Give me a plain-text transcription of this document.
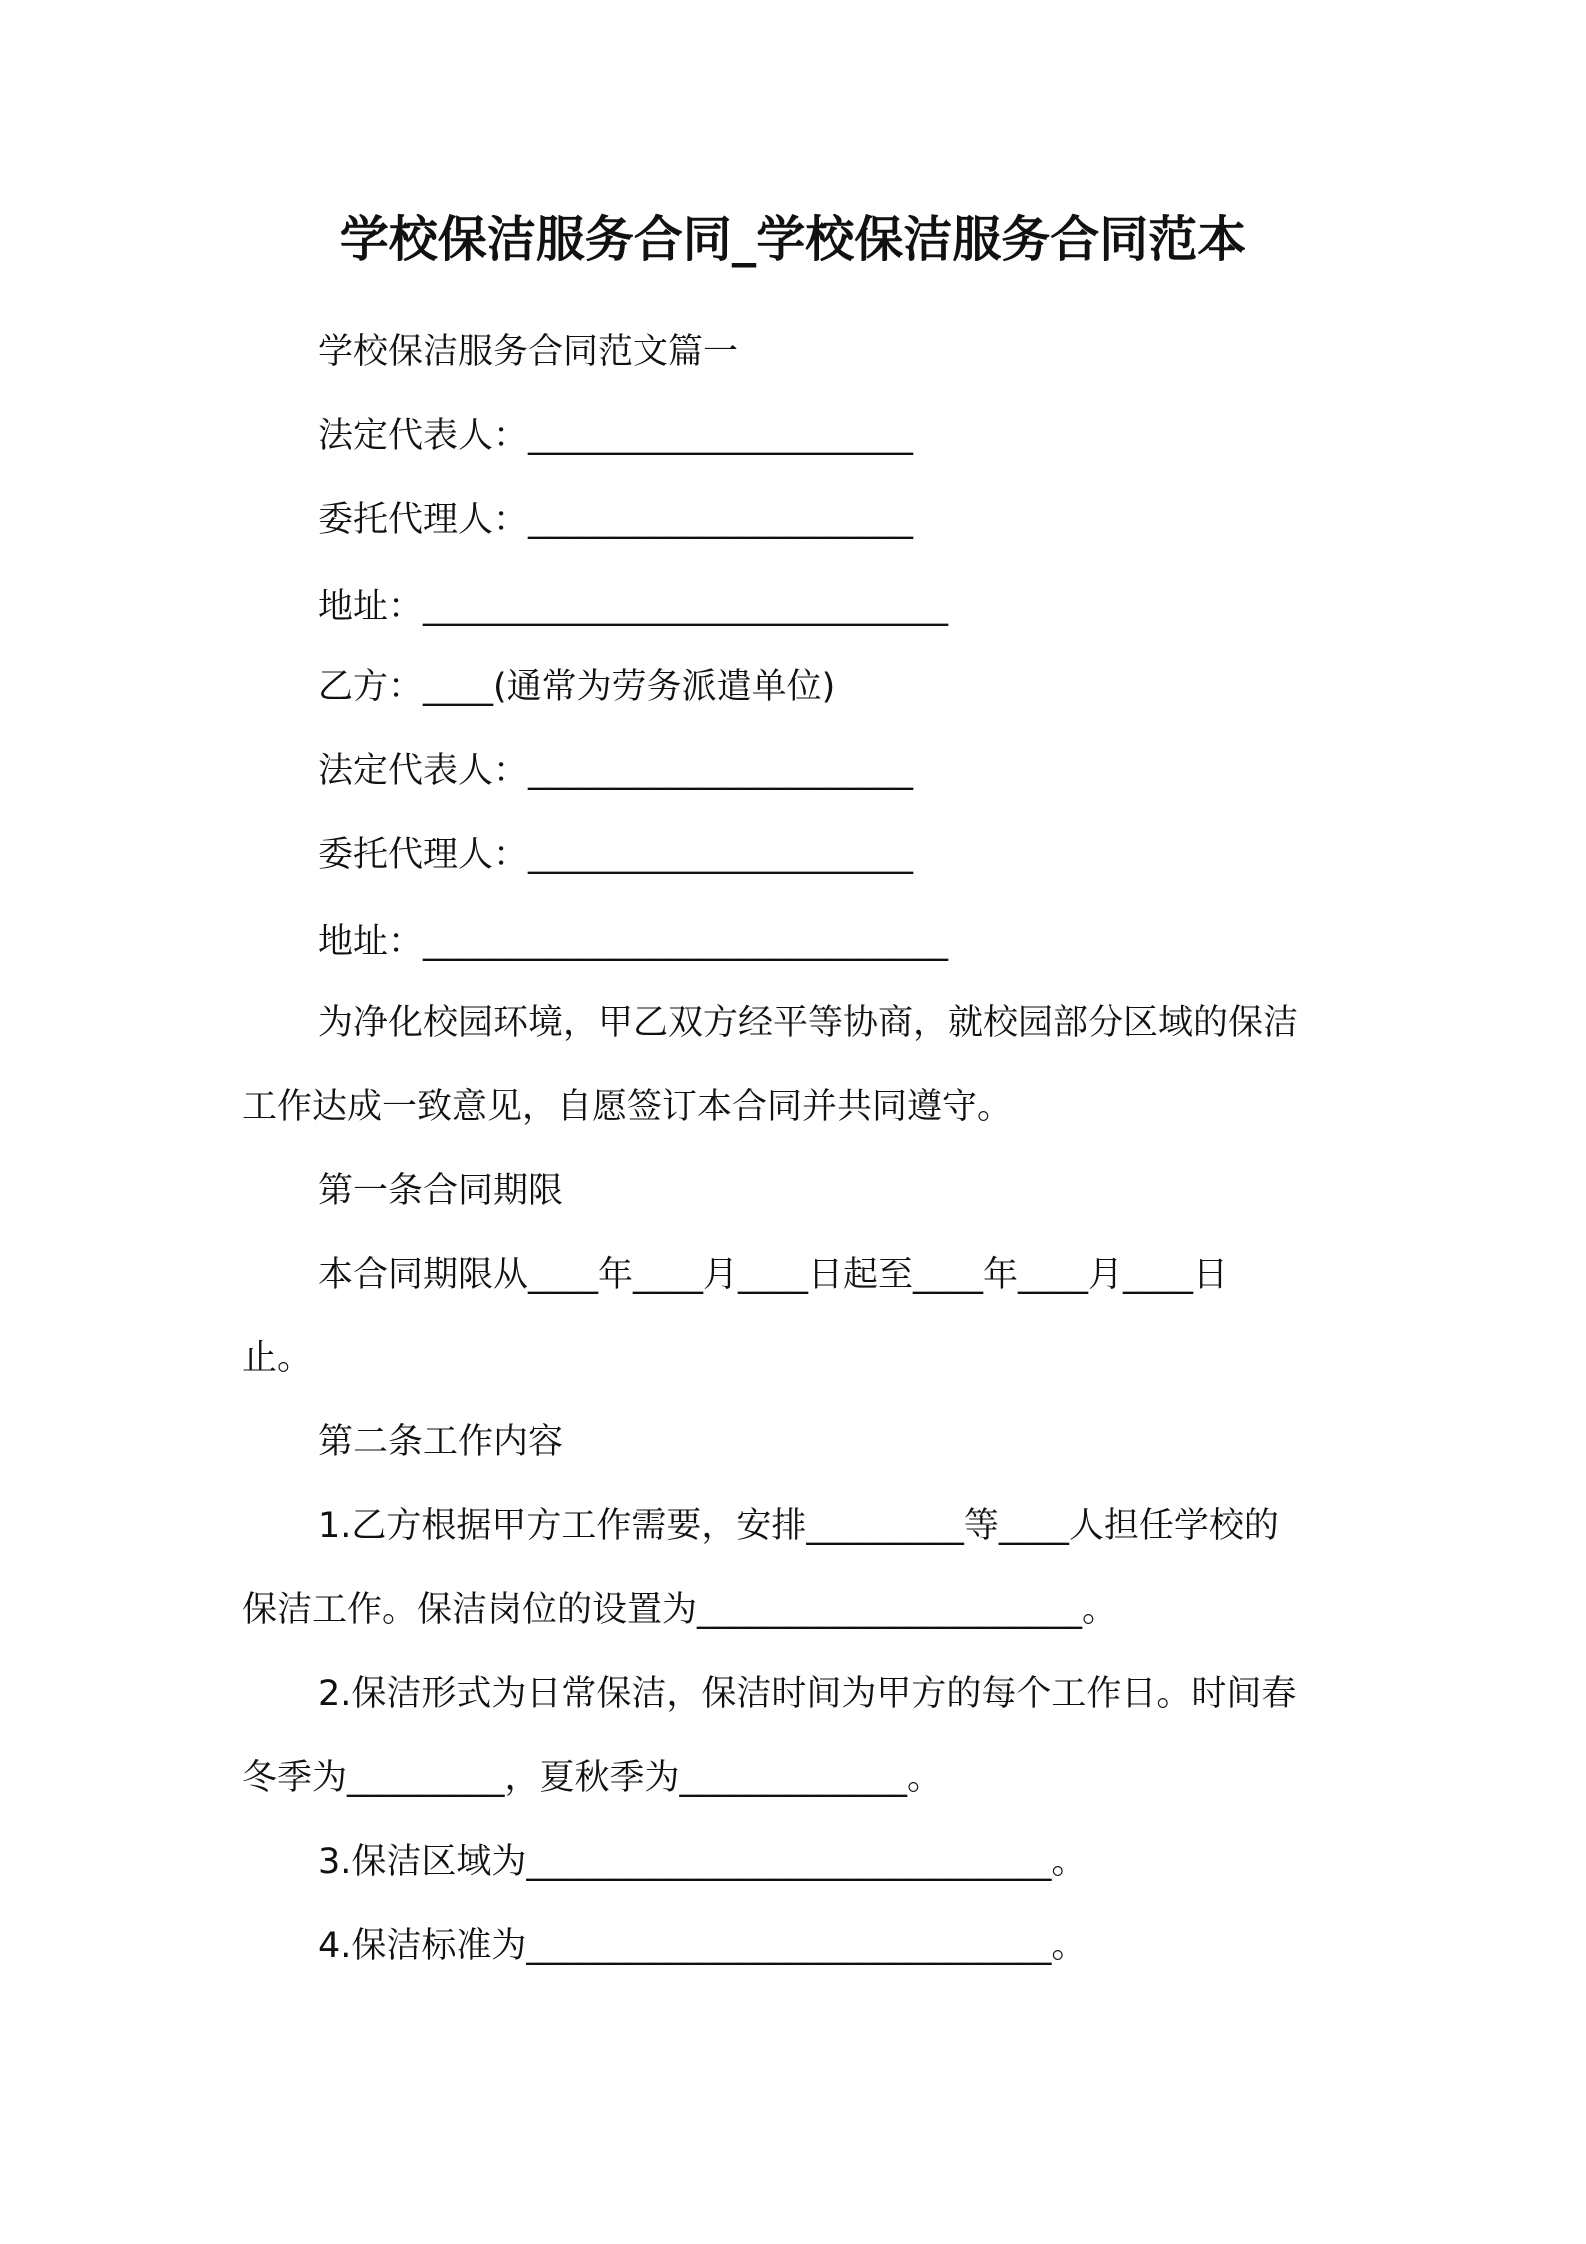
学校保洁服务合同_学校保洁服务合同范本
学校保洁服务合同范文篇一
法定代表人：______________________
委托代理人：______________________
地址：______________________________
乙方：____(通常为劳务派遣单位)
法定代表人：______________________
委托代理人：______________________
地址：______________________________
为净化校园环境，甲乙双方经平等协商，就校园部分区域的保洁
工作达成一致意见，自愿签订本合同并共同遵守。
第一条合同期限
本合同期限从____年____月____日起至____年____月____日
止。
第二条工作内容
1.乙方根据甲方工作需要，安排_________等____人担任学校的
保洁工作。保洁岗位的设置为______________________。
2.保洁形式为日常保洁，保洁时间为甲方的每个工作日。时间春
冬季为_________，夏秋季为_____________。
3.保洁区域为______________________________。
4.保洁标准为______________________________。
